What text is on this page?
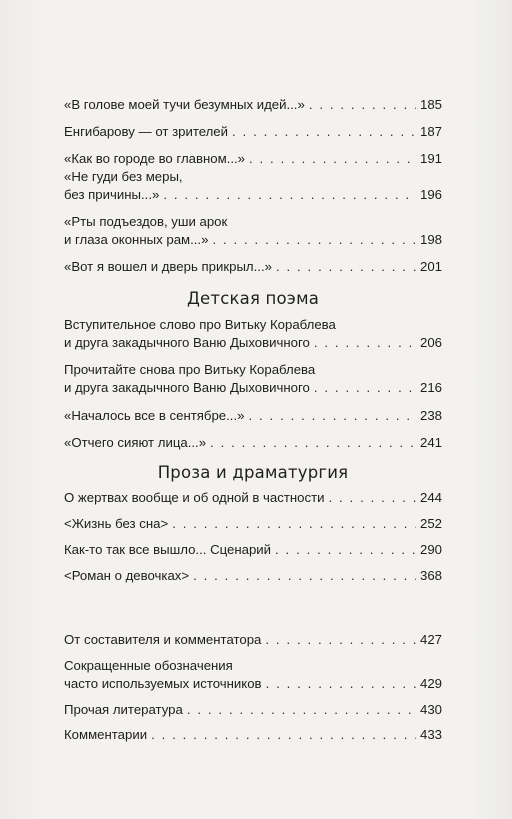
«В голове моей тучи безумных идей...» . . .	185
Енгибарову — от зрителей . . .	187
«Как во городе во главном...» . . .	191
«Не гуди без меры,
без причины...» . . .	196
«Рты подъездов, уши арок
и глаза оконных рам...» . . .	198
«Вот я вошел и дверь прикрыл...» . . .	201
Вступительное слово про Витьку Кораблева
и друга закадычного Ваню Дыховичного . . .	206
Прочитайте снова про Витьку Кораблева
и друга закадычного Ваню Дыховичного . . .	216
«Началось все в сентябре...» . . .	238
«Отчего сияют лица...» . . .	241
О жертвах вообще и об одной в частности . . .	244
<Жизнь без сна> . . .	252
Как-то так все вышло... Сценарий . . .	290
<Роман о девочках> . . .	368
От составителя и комментатора . . .	427
Сокращенные обозначения
часто используемых источников . . .	429
Прочая литература . . .	430
Комментарии . . .	433
Детская поэма
Проза и драматургия
